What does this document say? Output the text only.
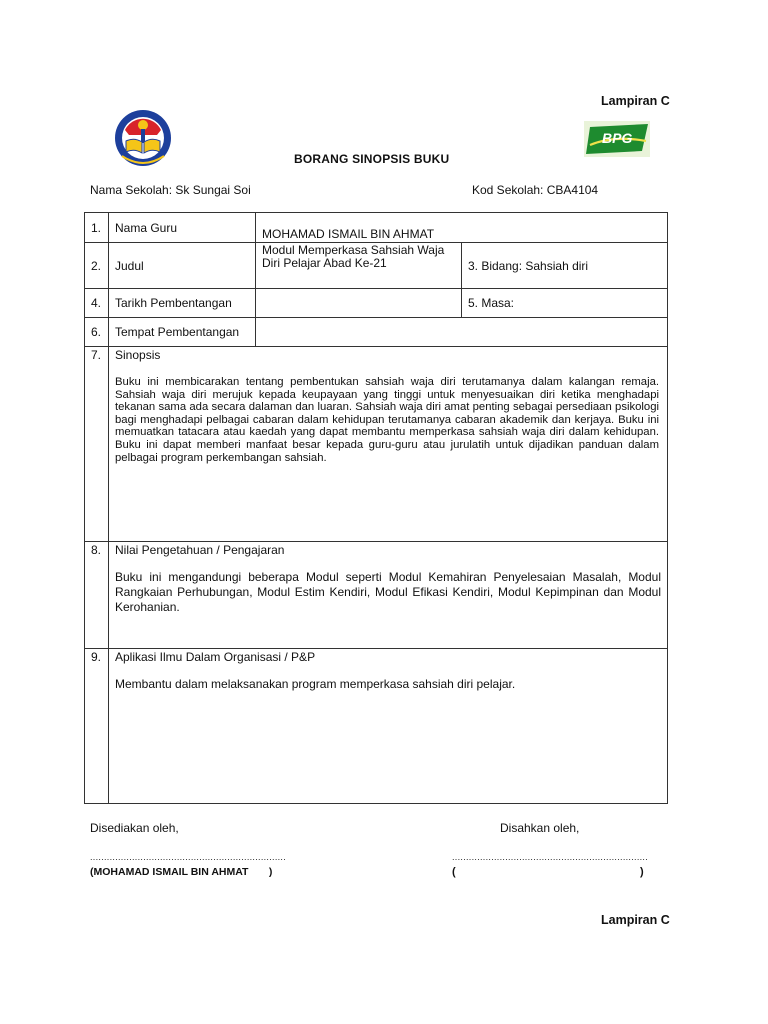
Lampiran C
BPG
BORANG SINOPSIS BUKU
Nama Sekolah: Sk Sungai Soi	Kod Sekolah: CBA4104
1.	Nama Guru	MOHAMAD ISMAIL BIN AHMAT	
2.	Judul	Modul Memperkasa Sahsiah Waja Diri Pelajar Abad Ke-21	3. Bidang: Sahsiah diri
4.	Tarikh Pembentangan		5. Masa:
6.	Tempat Pembentangan		
7.	Sinopsis
Buku ini membicarakan tentang pembentukan sahsiah waja diri terutamanya dalam kalangan remaja. Sahsiah waja diri merujuk kepada keupayaan yang tinggi untuk menyesuaikan diri ketika menghadapi tekanan sama ada secara dalaman dan luaran. Sahsiah waja diri amat penting sebagai persediaan psikologi bagi menghadapi pelbagai cabaran dalam kehidupan terutamanya cabaran akademik dan kerjaya. Buku ini memuatkan tatacara atau kaedah yang dapat membantu memperkasa sahsiah waja diri dalam kehidupan. Buku ini dapat memberi manfaat besar kepada guru-guru atau jurulatih untuk dijadikan panduan dalam pelbagai program perkembangan sahsiah.		

8.	Nilai Pengetahuan / Pengajaran
Buku ini mengandungi beberapa Modul seperti Modul Kemahiran Penyelesaian Masalah, Modul Rangkaian Perhubungan, Modul Estim Kendiri, Modul Efikasi Kendiri, Modul Kepimpinan dan Modul Kerohanian.		

9.	Aplikasi Ilmu Dalam Organisasi / P&P
Membantu dalam melaksanakan program memperkasa sahsiah diri pelajar.		
Disediakan oleh,	Disahkan oleh,
......................................................................	......................................................................
(MOHAMAD ISMAIL BIN AHMAT       )	(	)
Lampiran C
